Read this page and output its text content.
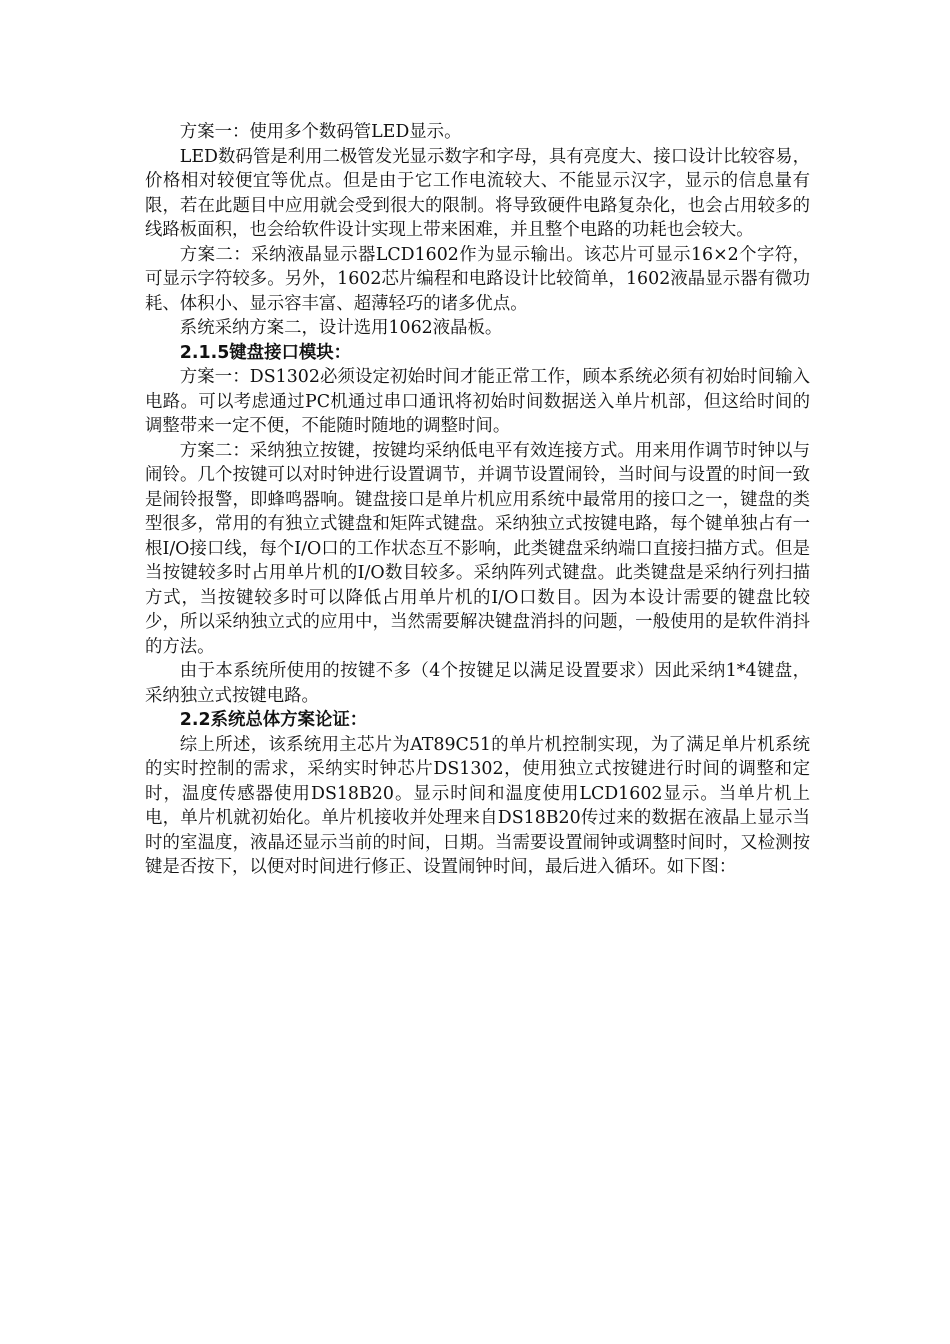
方案一：使用多个数码管LED显示。

LED数码管是利用二极管发光显示数字和字母，具有亮度大、接口设计比较容易，价格相对较便宜等优点。但是由于它工作电流较大、不能显示汉字，显示的信息量有限，若在此题目中应用就会受到很大的限制。将导致硬件电路复杂化，也会占用较多的线路板面积，也会给软件设计实现上带来困难，并且整个电路的功耗也会较大。

方案二：采纳液晶显示器LCD1602作为显示输出。该芯片可显示16×2个字符，可显示字符较多。另外，1602芯片编程和电路设计比较简单，1602液晶显示器有微功耗、体积小、显示容丰富、超薄轻巧的诸多优点。

系统采纳方案二，设计选用1062液晶板。

2.1.5键盘接口模块：

方案一：DS1302必须设定初始时间才能正常工作，顾本系统必须有初始时间输入电路。可以考虑通过PC机通过串口通讯将初始时间数据送入单片机部，但这给时间的调整带来一定不便，不能随时随地的调整时间。

方案二：采纳独立按键，按键均采纳低电平有效连接方式。用来用作调节时钟以与闹铃。几个按键可以对时钟进行设置调节，并调节设置闹铃，当时间与设置的时间一致是闹铃报警，即蜂鸣器响。键盘接口是单片机应用系统中最常用的接口之一，键盘的类型很多，常用的有独立式键盘和矩阵式键盘。采纳独立式按键电路，每个键单独占有一根I/O接口线，每个I/O口的工作状态互不影响，此类键盘采纳端口直接扫描方式。但是当按键较多时占用单片机的I/O数目较多。采纳阵列式键盘。此类键盘是采纳行列扫描方式，当按键较多时可以降低占用单片机的I/O口数目。因为本设计需要的键盘比较少，所以采纳独立式的应用中，当然需要解决键盘消抖的问题，一般使用的是软件消抖的方法。

由于本系统所使用的按键不多（4个按键足以满足设置要求）因此采纳1*4键盘，采纳独立式按键电路。

2.2系统总体方案论证：

综上所述，该系统用主芯片为AT89C51的单片机控制实现，为了满足单片机系统的实时控制的需求，采纳实时钟芯片DS1302，使用独立式按键进行时间的调整和定时，温度传感器使用DS18B20。显示时间和温度使用LCD1602显示。当单片机上电，单片机就初始化。单片机接收并处理来自DS18B20传过来的数据在液晶上显示当时的室温度，液晶还显示当前的时间，日期。当需要设置闹钟或调整时间时，又检测按键是否按下，以便对时间进行修正、设置闹钟时间，最后进入循环。如下图：
